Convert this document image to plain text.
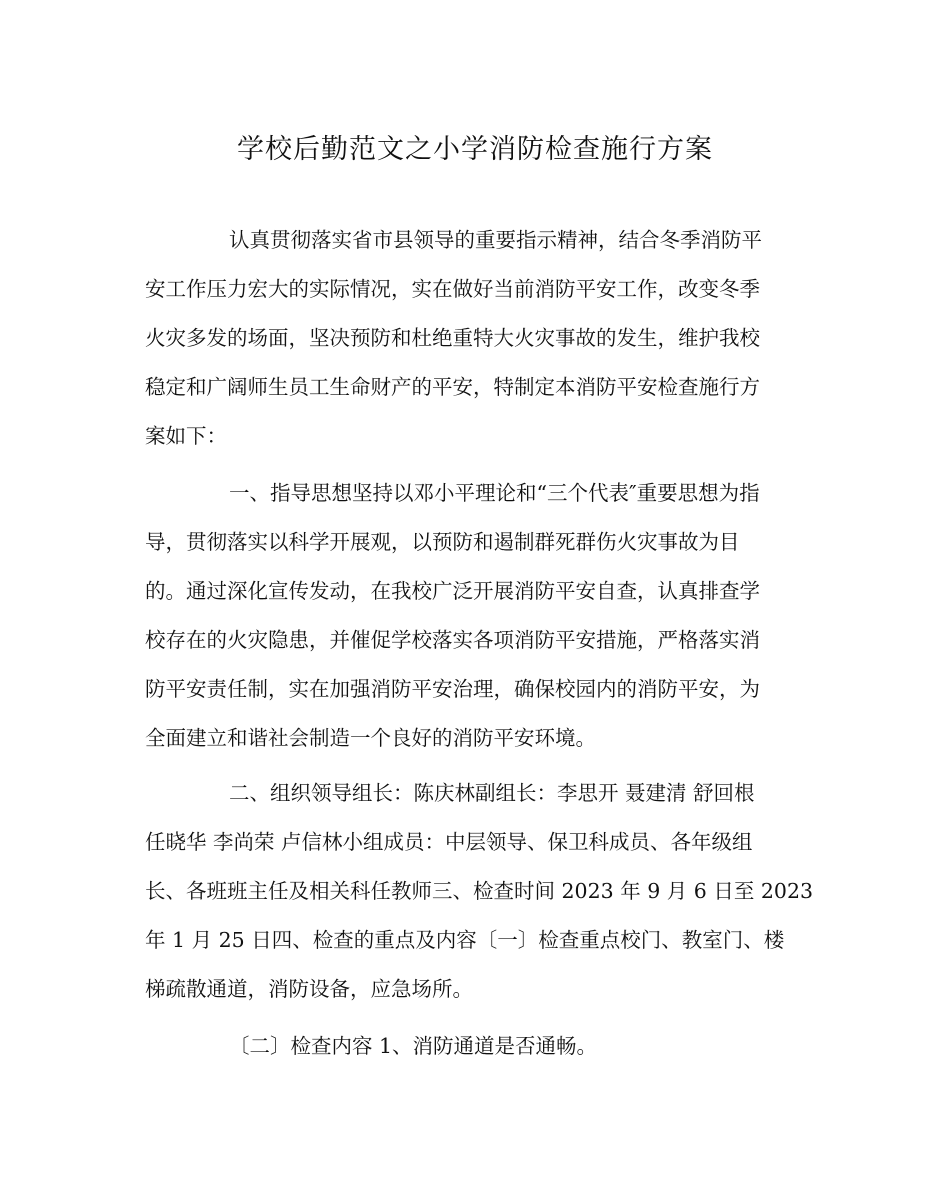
学校后勤范文之小学消防检查施行方案

认真贯彻落实省市县领导的重要指示精神，结合冬季消防平
安工作压力宏大的实际情况，实在做好当前消防平安工作，改变冬季
火灾多发的场面，坚决预防和杜绝重特大火灾事故的发生，维护我校
稳定和广阔师生员工生命财产的平安，特制定本消防平安检查施行方
案如下：

一、指导思想坚持以邓小平理论和“三个代表″重要思想为指
导，贯彻落实以科学开展观，以预防和遏制群死群伤火灾事故为目
的。通过深化宣传发动，在我校广泛开展消防平安自查，认真排查学
校存在的火灾隐患，并催促学校落实各项消防平安措施，严格落实消
防平安责任制，实在加强消防平安治理，确保校园内的消防平安，为
全面建立和谐社会制造一个良好的消防平安环境。

二、组织领导组长：陈庆林副组长：李思开 聂建清 舒回根
任晓华 李尚荣 卢信林小组成员：中层领导、保卫科成员、各年级组
长、各班班主任及相关科任教师三、检查时间 2023 年 9 月 6 日至 2023
年 1 月 25 日四、检查的重点及内容〔一〕检查重点校门、教室门、楼
梯疏散通道，消防设备，应急场所。

〔二〕检查内容 1、消防通道是否通畅。
